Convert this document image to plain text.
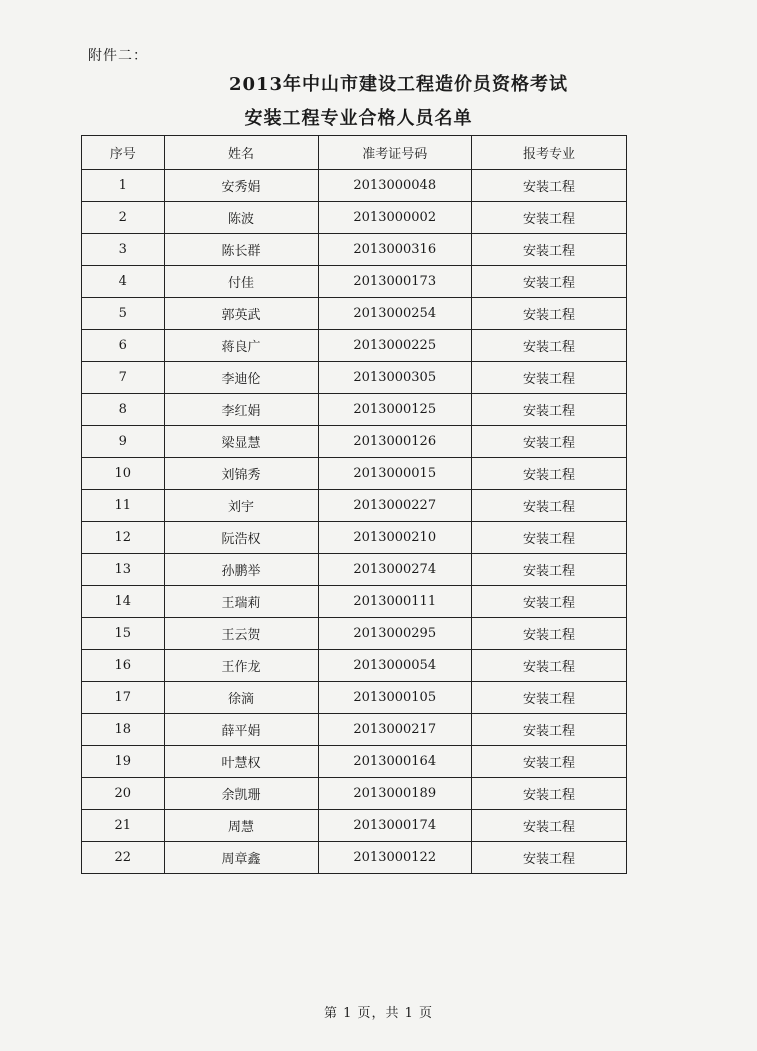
附件二：
2013年中山市建设工程造价员资格考试
安装工程专业合格人员名单
序号	姓名	准考证号码	报考专业
1	安秀娟	2013000048	安装工程
2	陈波	2013000002	安装工程
3	陈长群	2013000316	安装工程
4	付佳	2013000173	安装工程
5	郭英武	2013000254	安装工程
6	蒋良广	2013000225	安装工程
7	李迪伦	2013000305	安装工程
8	李红娟	2013000125	安装工程
9	梁显慧	2013000126	安装工程
10	刘锦秀	2013000015	安装工程
11	刘宇	2013000227	安装工程
12	阮浩权	2013000210	安装工程
13	孙鹏举	2013000274	安装工程
14	王瑞莉	2013000111	安装工程
15	王云贺	2013000295	安装工程
16	王作龙	2013000054	安装工程
17	徐滴	2013000105	安装工程
18	薛平娟	2013000217	安装工程
19	叶慧权	2013000164	安装工程
20	余凯珊	2013000189	安装工程
21	周慧	2013000174	安装工程
22	周章鑫	2013000122	安装工程
第 1 页，共 1 页
